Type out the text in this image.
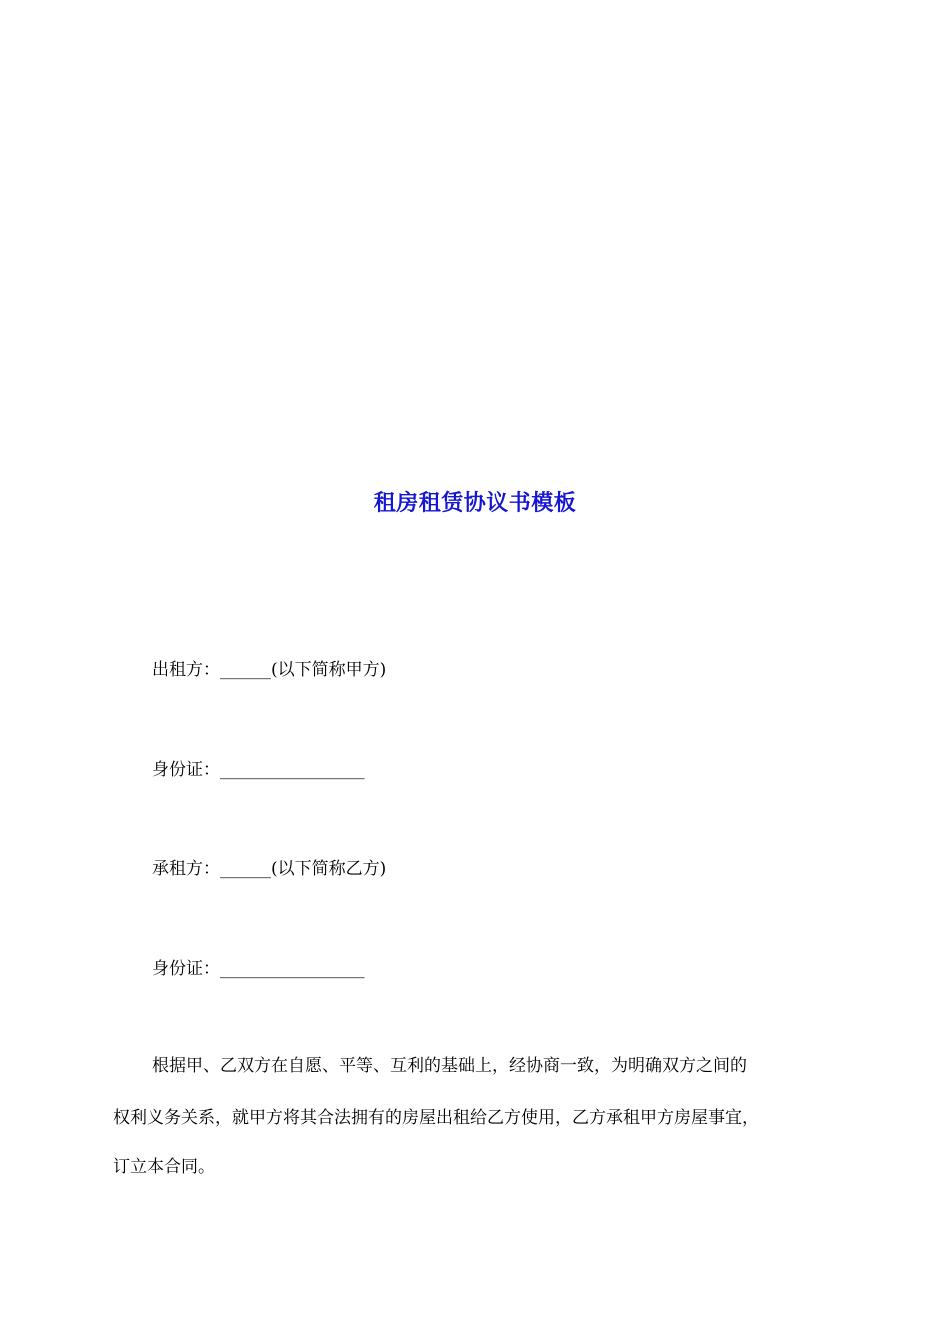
租房租赁协议书模板
出租方：______(以下简称甲方)
身份证：_________________
承租方：______(以下简称乙方)
身份证：_________________
根据甲、乙双方在自愿、平等、互利的基础上，经协商一致，为明确双方之间的
权利义务关系，就甲方将其合法拥有的房屋出租给乙方使用，乙方承租甲方房屋事宜，
订立本合同。
